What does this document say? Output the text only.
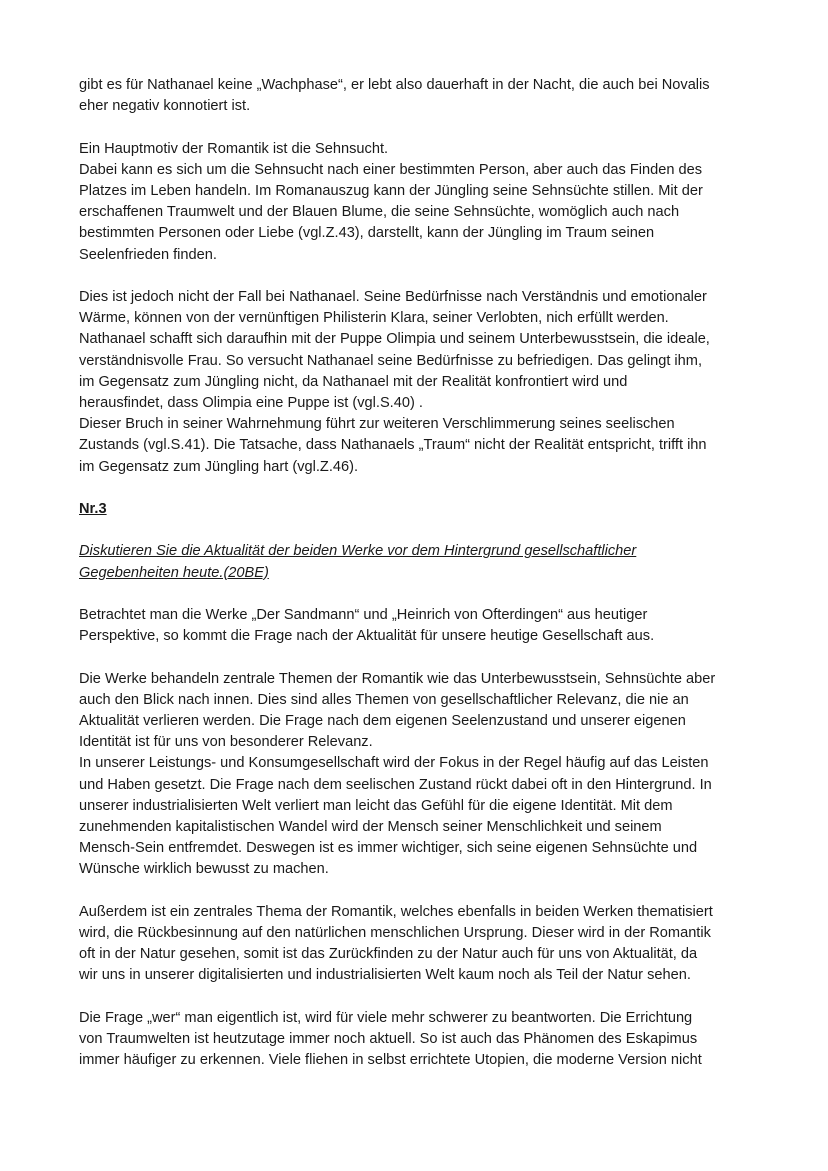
gibt es für Nathanael keine „Wachphase“, er lebt also dauerhaft in der Nacht, die auch bei Novalis
eher negativ konnotiert ist.
Ein Hauptmotiv der Romantik ist die Sehnsucht.
Dabei kann es sich um die Sehnsucht nach einer bestimmten Person, aber auch das Finden des
Platzes im Leben handeln. Im Romanauszug kann der Jüngling seine Sehnsüchte stillen. Mit der
erschaffenen Traumwelt und der Blauen Blume, die seine Sehnsüchte, womöglich auch nach
bestimmten Personen oder Liebe (vgl.Z.43), darstellt, kann der Jüngling im Traum seinen
Seelenfrieden finden.
Dies ist jedoch nicht der Fall bei Nathanael. Seine Bedürfnisse nach Verständnis und emotionaler
Wärme, können von der vernünftigen Philisterin Klara, seiner Verlobten, nich erfüllt werden.
Nathanael schafft sich daraufhin mit der Puppe Olimpia und seinem Unterbewusstsein, die ideale,
verständnisvolle Frau. So versucht Nathanael seine Bedürfnisse zu befriedigen. Das gelingt ihm,
im Gegensatz zum Jüngling nicht, da Nathanael mit der Realität konfrontiert wird und
herausfindet, dass Olimpia eine Puppe ist (vgl.S.40) .
Dieser Bruch in seiner Wahrnehmung führt zur weiteren Verschlimmerung seines seelischen
Zustands (vgl.S.41). Die Tatsache, dass Nathanaels „Traum“ nicht der Realität entspricht, trifft ihn
im Gegensatz zum Jüngling hart (vgl.Z.46).
Nr.3
Diskutieren Sie die Aktualität der beiden Werke vor dem Hintergrund gesellschaftlicher
Gegebenheiten heute.(20BE)
Betrachtet man die Werke „Der Sandmann“ und „Heinrich von Ofterdingen“ aus heutiger
Perspektive, so kommt die Frage nach der Aktualität für unsere heutige Gesellschaft aus.
Die Werke behandeln zentrale Themen der Romantik wie das Unterbewusstsein, Sehnsüchte aber
auch den Blick nach innen. Dies sind alles Themen von gesellschaftlicher Relevanz, die nie an
Aktualität verlieren werden. Die Frage nach dem eigenen Seelenzustand und unserer eigenen
Identität ist für uns von besonderer Relevanz.
In unserer Leistungs- und Konsumgesellschaft wird der Fokus in der Regel häufig auf das Leisten
und Haben gesetzt. Die Frage nach dem seelischen Zustand rückt dabei oft in den Hintergrund. In
unserer industrialisierten Welt verliert man leicht das Gefühl für die eigene Identität. Mit dem
zunehmenden kapitalistischen Wandel wird der Mensch seiner Menschlichkeit und seinem
Mensch-Sein entfremdet. Deswegen ist es immer wichtiger, sich seine eigenen Sehnsüchte und
Wünsche wirklich bewusst zu machen.
Außerdem ist ein zentrales Thema der Romantik, welches ebenfalls in beiden Werken thematisiert
wird, die Rückbesinnung auf den natürlichen menschlichen Ursprung. Dieser wird in der Romantik
oft in der Natur gesehen, somit ist das Zurückfinden zu der Natur auch für uns von Aktualität, da
wir uns in unserer digitalisierten und industrialisierten Welt kaum noch als Teil der Natur sehen.
Die Frage „wer“ man eigentlich ist, wird für viele mehr schwerer zu beantworten. Die Errichtung
von Traumwelten ist heutzutage immer noch aktuell. So ist auch das Phänomen des Eskapimus
immer häufiger zu erkennen. Viele fliehen in selbst errichtete Utopien, die moderne Version nicht
